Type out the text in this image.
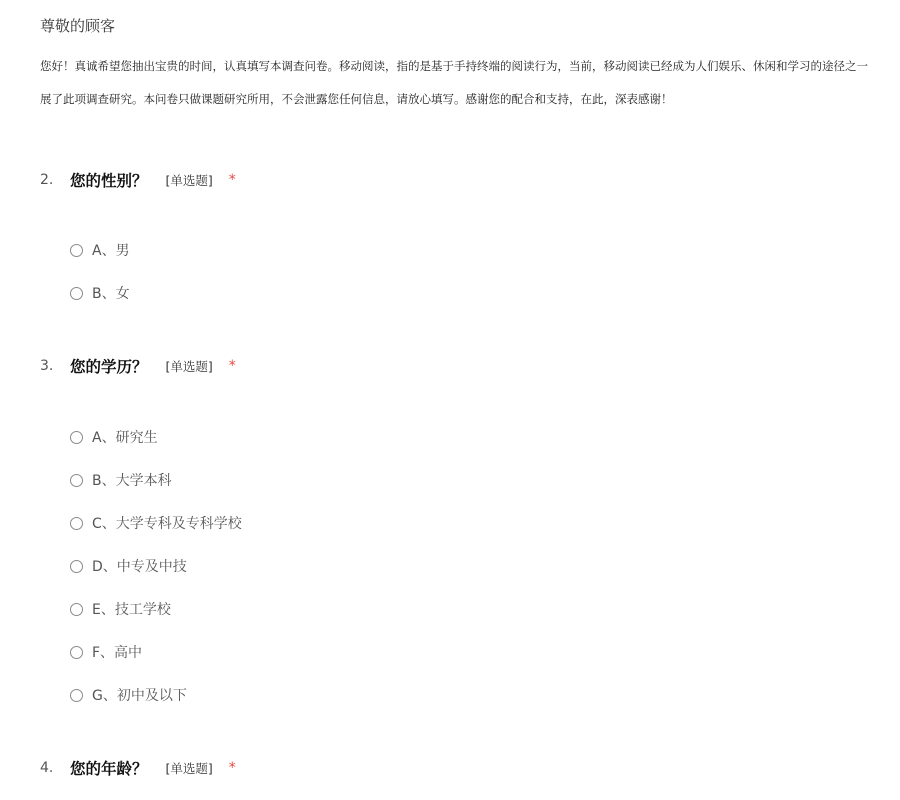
尊敬的顾客
您好！真诚希望您抽出宝贵的时间，认真填写本调查问卷。移动阅读，指的是基于手持终端的阅读行为，当前，移动阅读已经成为人们娱乐、休闲和学习的途径之一
展了此项调查研究。本问卷只做课题研究所用，不会泄露您任何信息，请放心填写。感谢您的配合和支持，在此，深表感谢！
2.	您的性别？ [单选题] *
A、男
B、女
3.	您的学历？ [单选题] *
A、研究生
B、大学本科
C、大学专科及专科学校
D、中专及中技
E、技工学校
F、高中
G、初中及以下
4.	您的年龄？ [单选题] *
